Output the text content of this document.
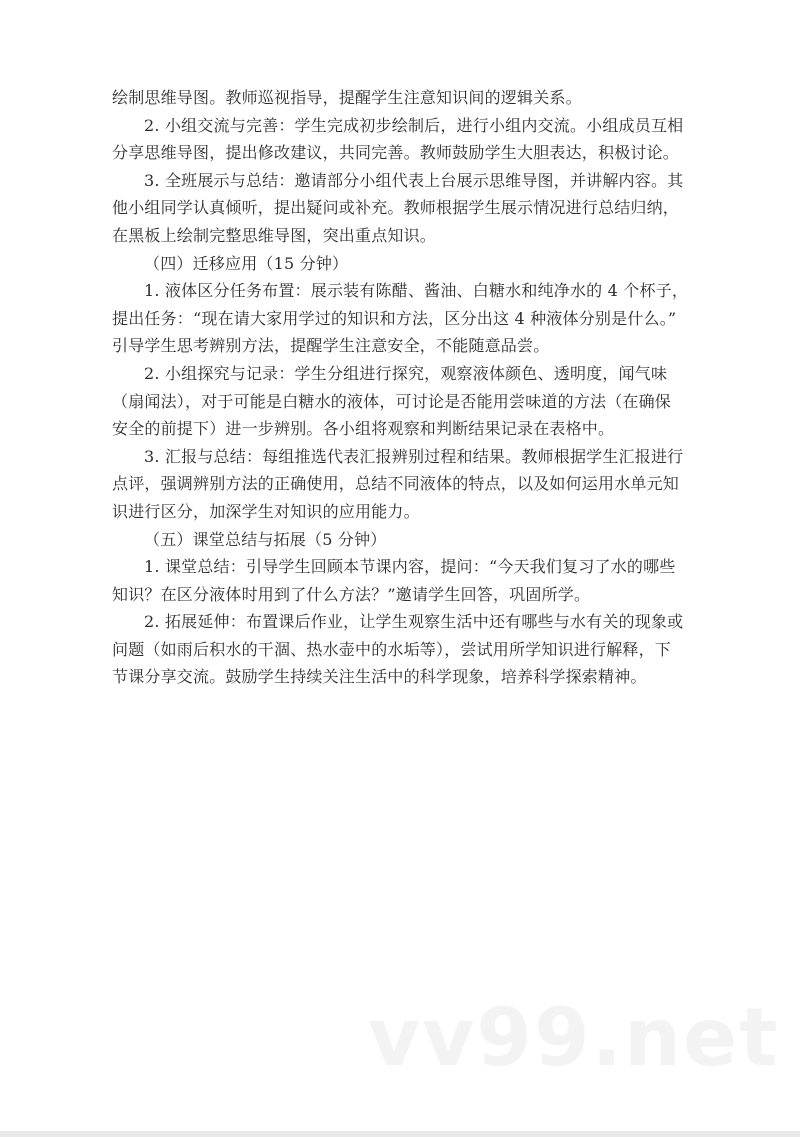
绘制思维导图。教师巡视指导，提醒学生注意知识间的逻辑关系。
2. 小组交流与完善：学生完成初步绘制后，进行小组内交流。小组成员互相
分享思维导图，提出修改建议，共同完善。教师鼓励学生大胆表达，积极讨论。
3. 全班展示与总结：邀请部分小组代表上台展示思维导图，并讲解内容。其
他小组同学认真倾听，提出疑问或补充。教师根据学生展示情况进行总结归纳，
在黑板上绘制完整思维导图，突出重点知识。
（四）迁移应用（15 分钟）
1. 液体区分任务布置：展示装有陈醋、酱油、白糖水和纯净水的 4 个杯子，
提出任务：“现在请大家用学过的知识和方法，区分出这 4 种液体分别是什么。”
引导学生思考辨别方法，提醒学生注意安全，不能随意品尝。
2. 小组探究与记录：学生分组进行探究，观察液体颜色、透明度，闻气味
（扇闻法），对于可能是白糖水的液体，可讨论是否能用尝味道的方法（在确保
安全的前提下）进一步辨别。各小组将观察和判断结果记录在表格中。
3. 汇报与总结：每组推选代表汇报辨别过程和结果。教师根据学生汇报进行
点评，强调辨别方法的正确使用，总结不同液体的特点，以及如何运用水单元知
识进行区分，加深学生对知识的应用能力。
（五）课堂总结与拓展（5 分钟）
1. 课堂总结：引导学生回顾本节课内容，提问：“今天我们复习了水的哪些
知识？在区分液体时用到了什么方法？”邀请学生回答，巩固所学。
2. 拓展延伸：布置课后作业，让学生观察生活中还有哪些与水有关的现象或
问题（如雨后积水的干涸、热水壶中的水垢等），尝试用所学知识进行解释，下
节课分享交流。鼓励学生持续关注生活中的科学现象，培养科学探索精神。
vv99.net
